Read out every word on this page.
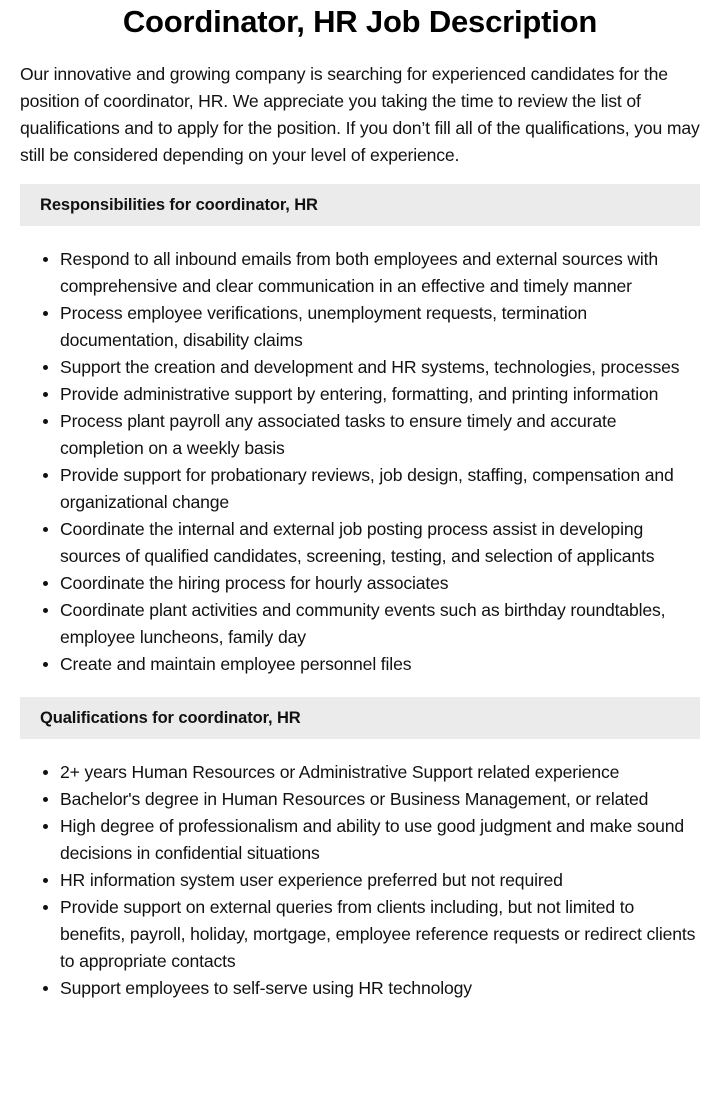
Coordinator, HR Job Description

Our innovative and growing company is searching for experienced candidates for the position of coordinator, HR. We appreciate you taking the time to review the list of qualifications and to apply for the position. If you don’t fill all of the qualifications, you may still be considered depending on your level of experience.

Responsibilities for coordinator, HR
Respond to all inbound emails from both employees and external sources with comprehensive and clear communication in an effective and timely manner
Process employee verifications, unemployment requests, termination documentation, disability claims
Support the creation and development and HR systems, technologies, processes
Provide administrative support by entering, formatting, and printing information
Process plant payroll any associated tasks to ensure timely and accurate completion on a weekly basis
Provide support for probationary reviews, job design, staffing, compensation and organizational change
Coordinate the internal and external job posting process assist in developing sources of qualified candidates, screening, testing, and selection of applicants
Coordinate the hiring process for hourly associates
Coordinate plant activities and community events such as birthday roundtables, employee luncheons, family day
Create and maintain employee personnel files
Qualifications for coordinator, HR
2+ years Human Resources or Administrative Support related experience
Bachelor's degree in Human Resources or Business Management, or related
High degree of professionalism and ability to use good judgment and make sound decisions in confidential situations
HR information system user experience preferred but not required
Provide support on external queries from clients including, but not limited to benefits, payroll, holiday, mortgage, employee reference requests or redirect clients to appropriate contacts
Support employees to self-serve using HR technology
